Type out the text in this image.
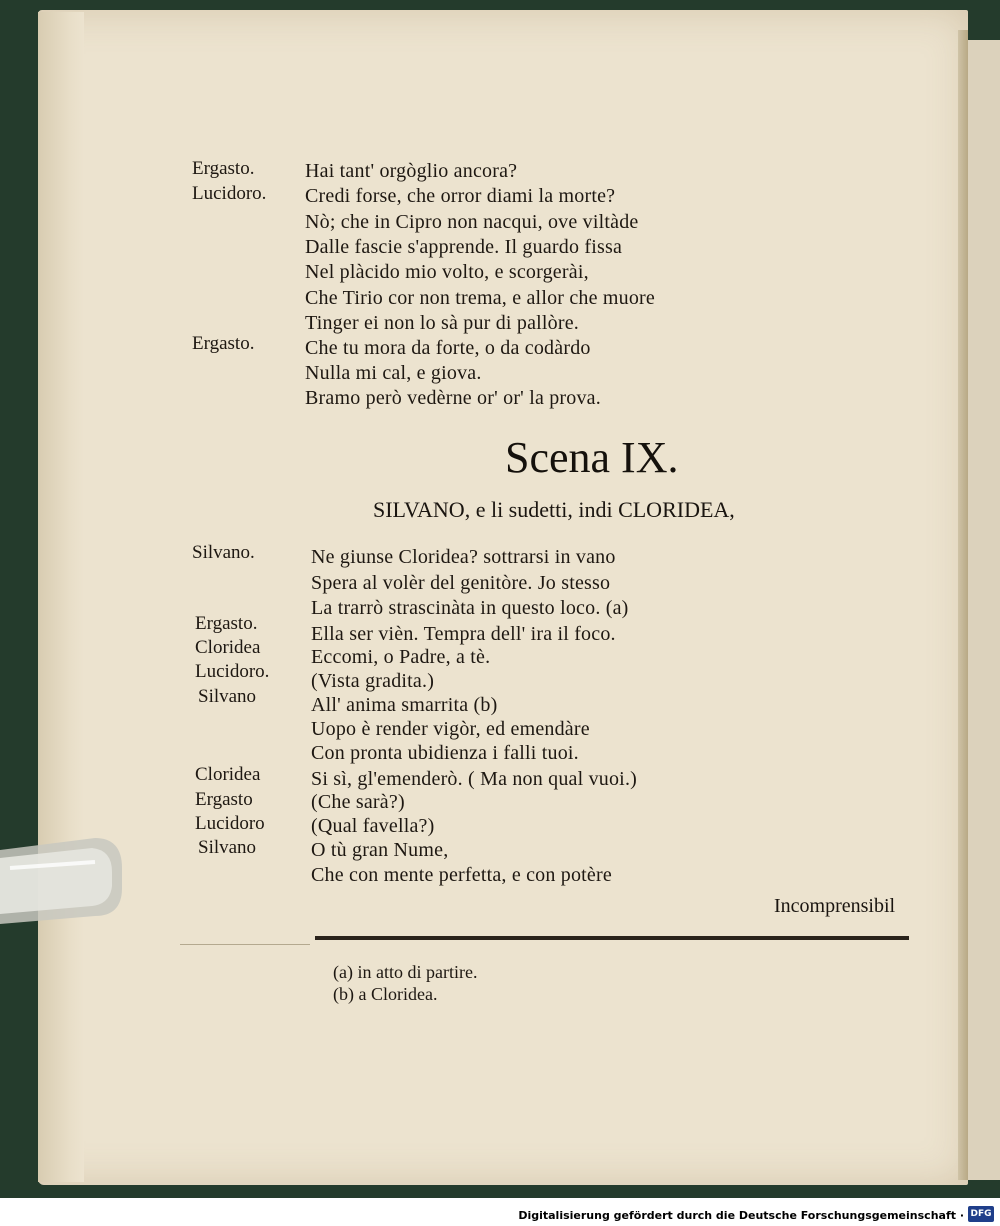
Ergasto.	Hai tant' orgòglio ancora?
Lucidoro. Credi forse, che orror diami la morte?
Nò; che in Cipro non nacqui, ove viltàde
Dalle fascie s'apprende. Il guardo fissa
Nel plàcido mio volto, e scorgerài,
Che Tirio cor non trema, e allor che muore
Tinger ei non lo sà pur di pallòre.
Ergasto.	Che tu mora da forte, o da codàrdo
Nulla mi cal, e giova.
Bramo però vedèrne or' or' la prova.
Scena IX.
SILVANO, e li sudetti, indi CLORIDEA,
Silvano.	Ne giunse Cloridea? sottrarsi in vano
Spera al volèr del genitòre. Jo stesso
La trarrò strascinàta in questo loco. (a)
Ergasto.	Ella ser vièn. Tempra dell' ira il foco.
Cloridea	Eccomi, o Padre, a tè.
Lucidoro. (Vista gradita.)
Silvano	All' anima smarrita (b)
Uopo è render vigòr, ed emendàre
Con pronta ubidienza i falli tuoi.
Cloridea	Si sì, gl'emenderò. ( Ma non qual vuoi.)
Ergasto	(Che sarà?)
Lucidoro (Qual favella?)
Silvano	O tù gran Nume,
Che con mente perfetta, e con potère
Incomprensibil
(a) in atto di partire.
(b) a Cloridea.
Digitalisierung gefördert durch die Deutsche Forschungsgemeinschaft · DFG
